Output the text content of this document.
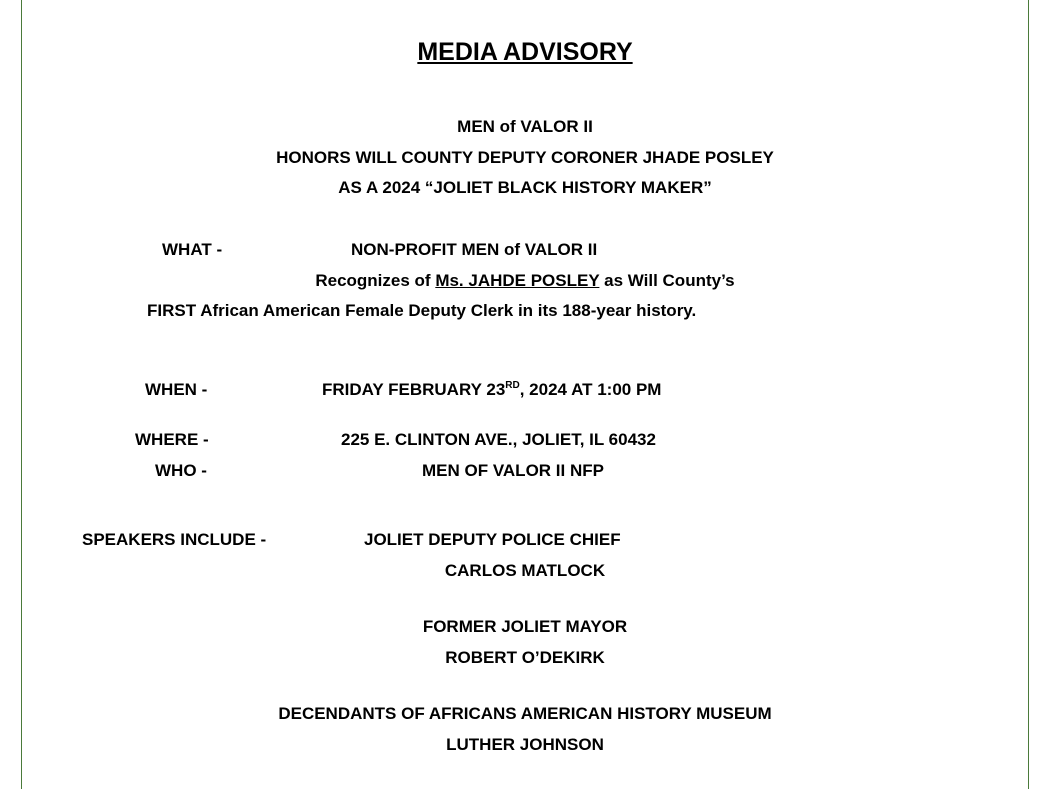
MEDIA ADVISORY
MEN of VALOR II
HONORS WILL COUNTY DEPUTY CORONER JHADE POSLEY
AS A 2024 “JOLIET BLACK HISTORY MAKER”
WHAT -	NON-PROFIT MEN of VALOR II
Recognizes of Ms. JAHDE POSLEY as Will County’s
FIRST African American Female Deputy Clerk in its 188-year history.
WHEN -	FRIDAY FEBRUARY 23RD, 2024 AT 1:00 PM
WHERE -	225 E. CLINTON AVE., JOLIET, IL 60432
WHO -	MEN OF VALOR II NFP
SPEAKERS INCLUDE -	JOLIET DEPUTY POLICE CHIEF
CARLOS MATLOCK
FORMER JOLIET MAYOR
ROBERT O’DEKIRK
DECENDANTS OF AFRICANS AMERICAN HISTORY MUSEUM
LUTHER JOHNSON
